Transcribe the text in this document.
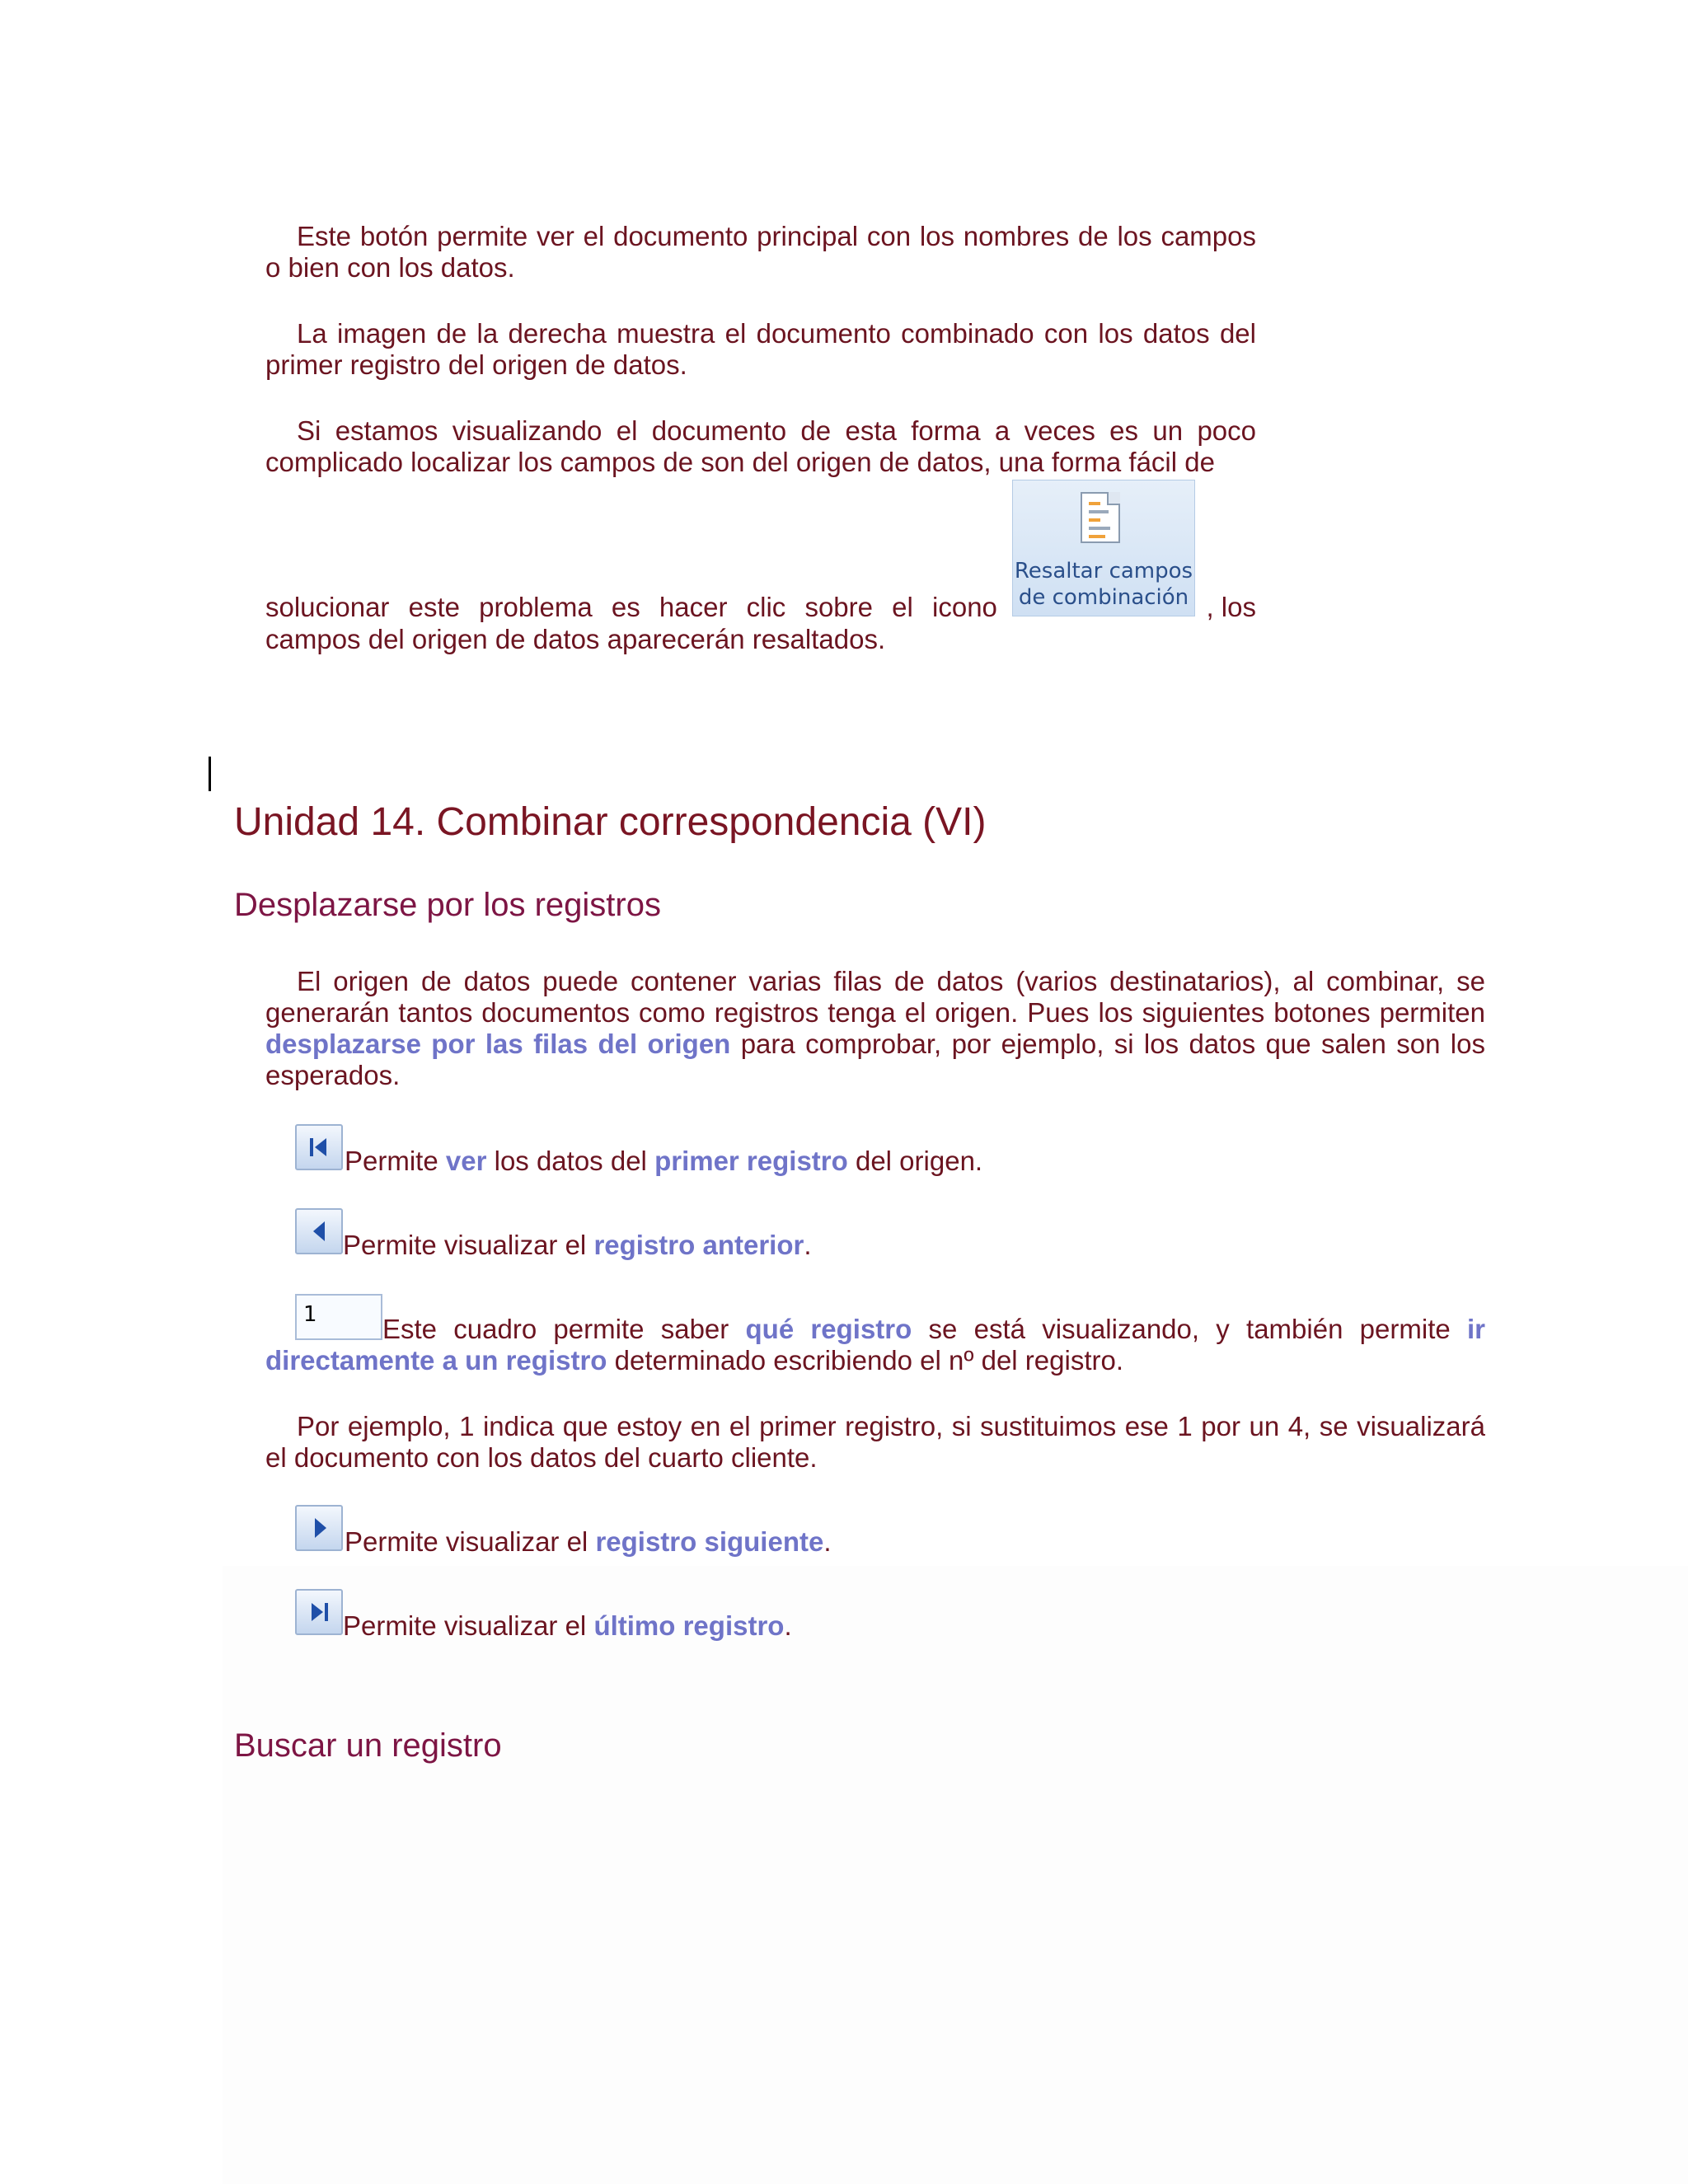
Este botón permite ver el documento principal con los nombres de los campos o bien con los datos.

La imagen de la derecha muestra el documento combinado con los datos del primer registro del origen de datos.

Si estamos visualizando el documento de esta forma a veces es un poco complicado localizar los campos de son del origen de datos, una forma fácil de

solucionar este problema es hacer clic sobre el icono	, los
campos del origen de datos aparecerán resaltados.
Resaltar campos
de combinación
Unidad 14. Combinar correspondencia (VI)
Desplazarse por los registros

El origen de datos puede contener varias filas de datos (varios destinatarios), al combinar, se generarán tantos documentos como registros tenga el origen. Pues los siguientes botones permiten desplazarse por las filas del origen para comprobar, por ejemplo, si los datos que salen son los esperados.

Permite ver los datos del primer registro del origen.
Permite visualizar el registro anterior.
1	Este cuadro permite saber qué registro se está visualizando, y también permite ir directamente a un registro determinado escribiendo el nº del registro.

Por ejemplo, 1 indica que estoy en el primer registro, si sustituimos ese 1 por un 4, se visualizará el documento con los datos del cuarto cliente.

Permite visualizar el registro siguiente.
Permite visualizar el último registro.
Buscar un registro
